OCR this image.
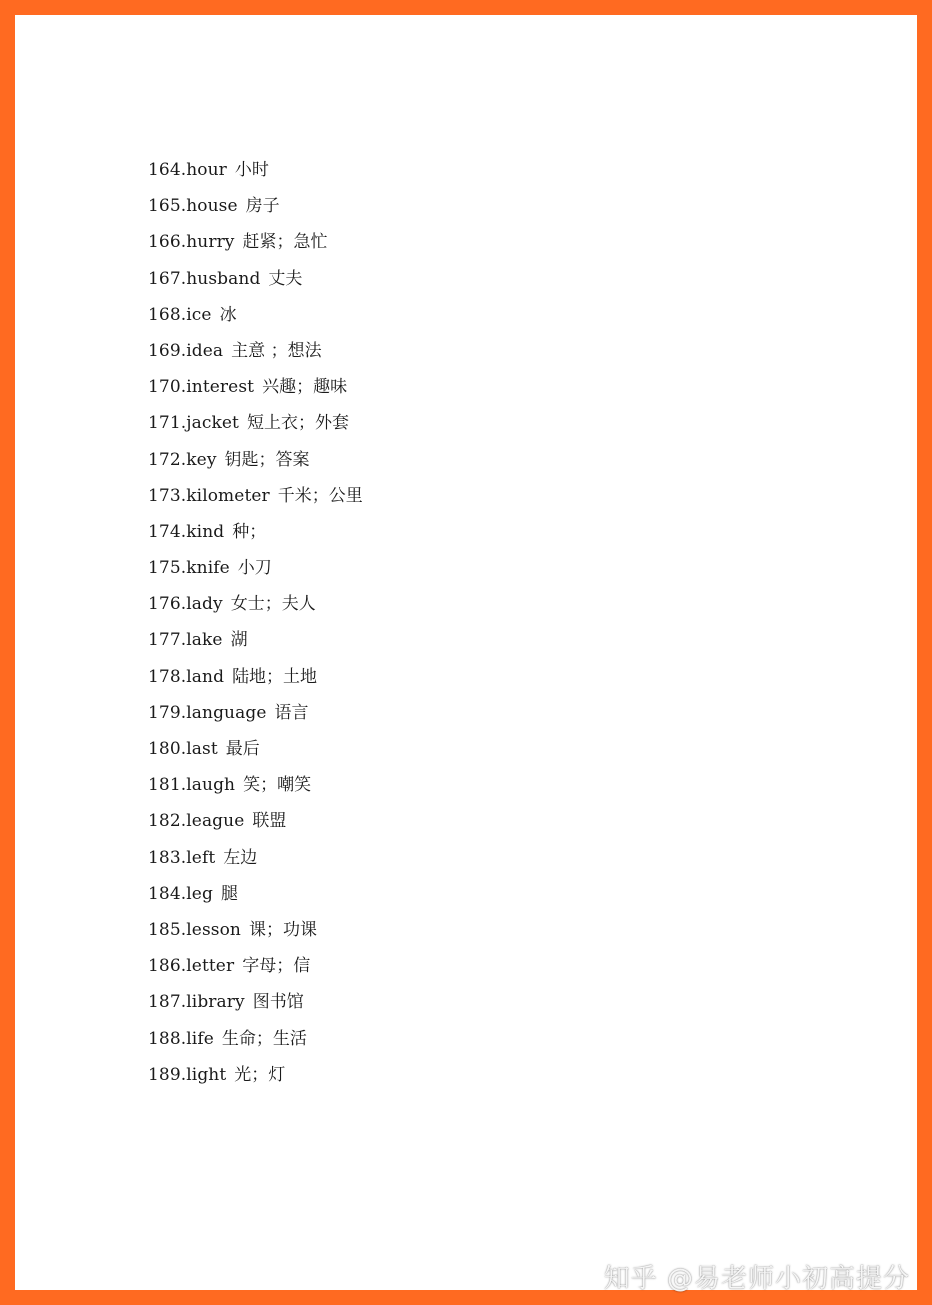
164.hour 小时
165.house 房子
166.hurry 赶紧；急忙
167.husband 丈夫
168.ice 冰
169.idea 主意 ；想法
170.interest 兴趣；趣味
171.jacket 短上衣；外套
172.key 钥匙；答案
173.kilometer 千米；公里
174.kind 种；
175.knife 小刀
176.lady 女士；夫人
177.lake 湖
178.land 陆地；土地
179.language 语言
180.last 最后
181.laugh 笑；嘲笑
182.league 联盟
183.left 左边
184.leg 腿
185.lesson 课；功课
186.letter 字母；信
187.library 图书馆
188.life 生命；生活
189.light 光；灯
知乎 @易老师小初高提分
